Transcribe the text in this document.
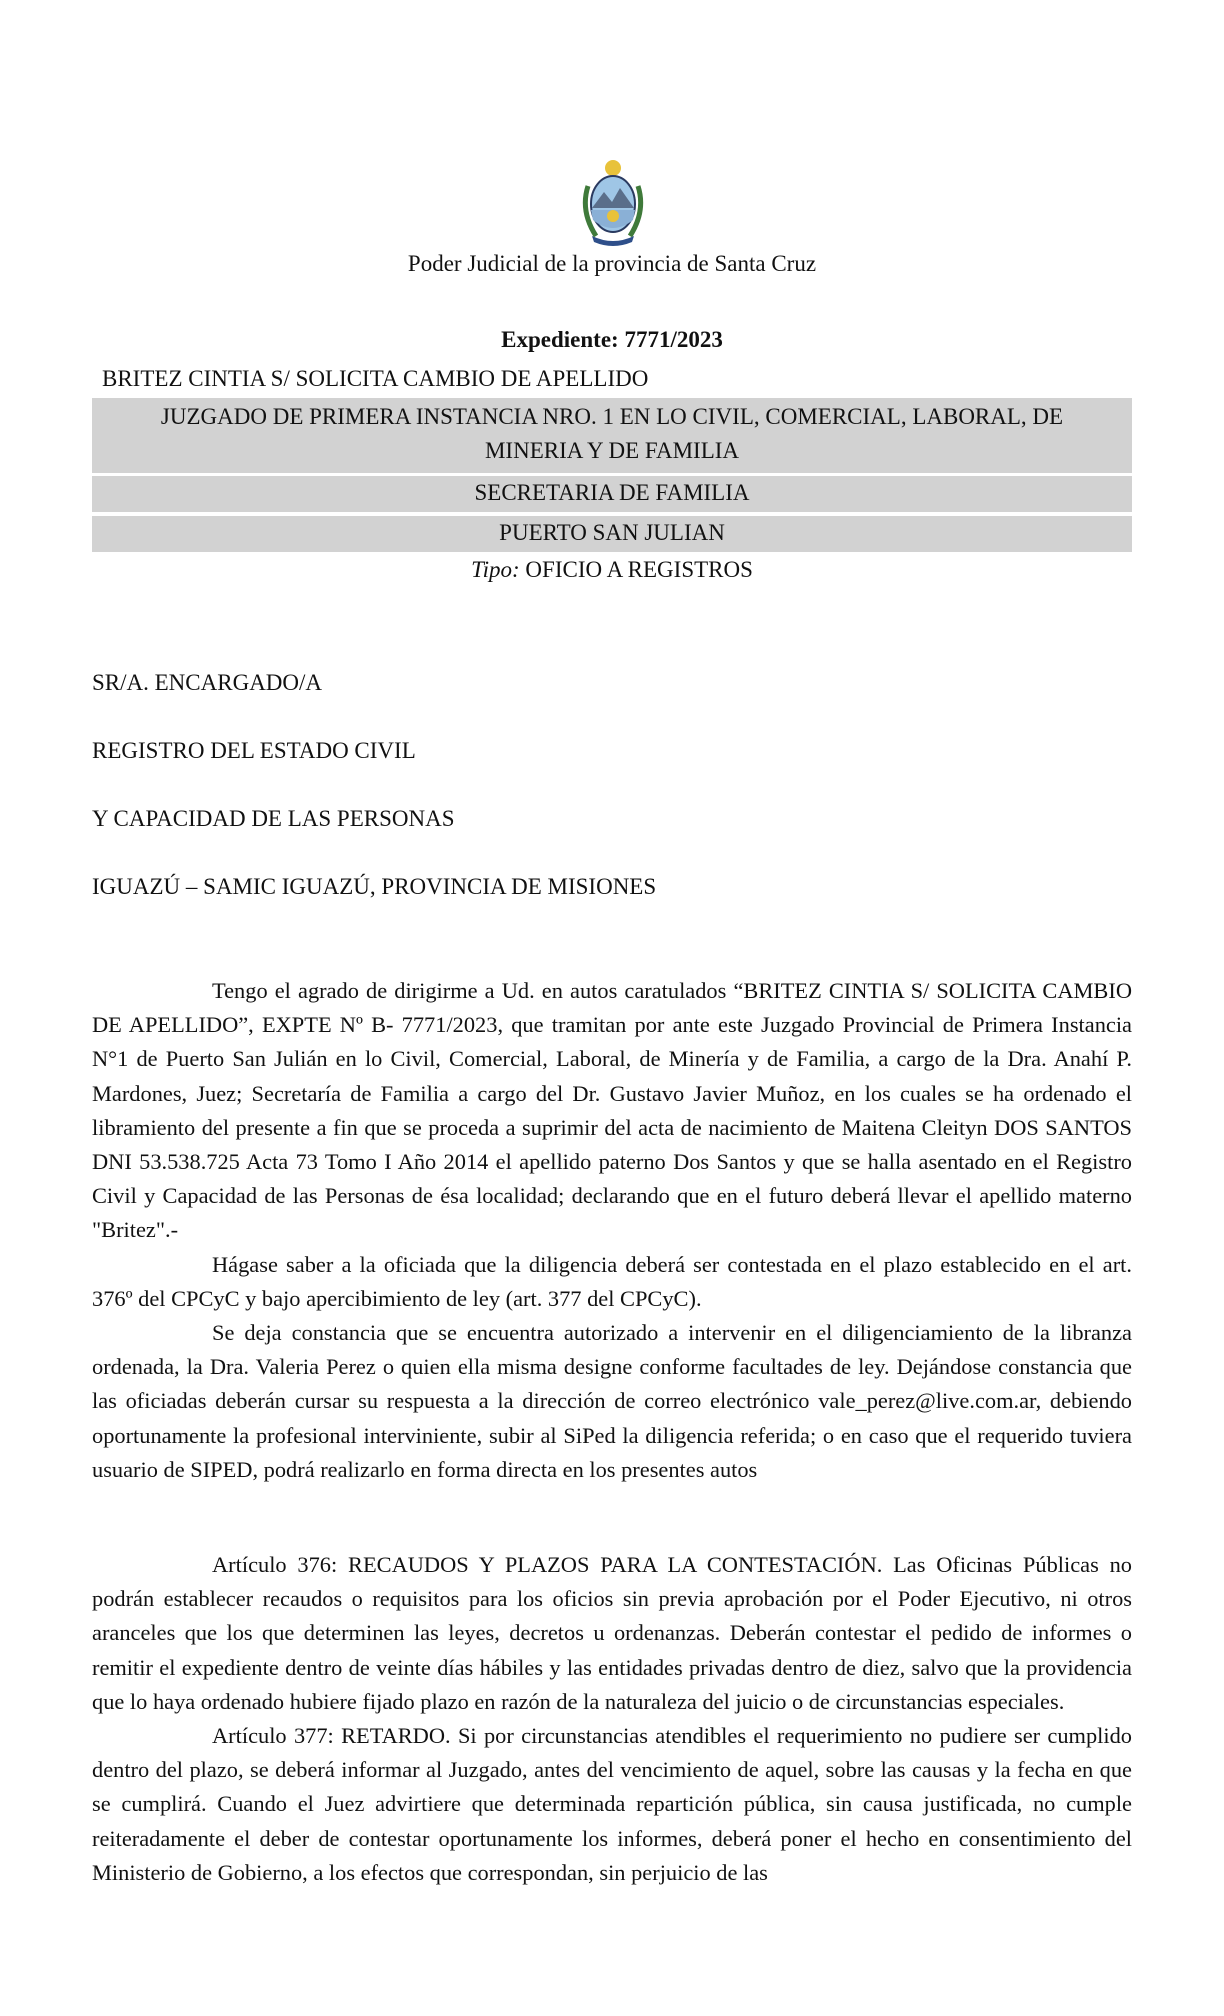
Poder Judicial de la provincia de Santa Cruz
Expediente: 7771/2023
BRITEZ CINTIA S/ SOLICITA CAMBIO DE APELLIDO
JUZGADO DE PRIMERA INSTANCIA NRO. 1 EN LO CIVIL, COMERCIAL, LABORAL, DE
MINERIA Y DE FAMILIA
SECRETARIA DE FAMILIA
PUERTO SAN JULIAN
Tipo: OFICIO A REGISTROS
SR/A. ENCARGADO/A
REGISTRO DEL ESTADO CIVIL
Y CAPACIDAD DE LAS PERSONAS
IGUAZÚ – SAMIC IGUAZÚ, PROVINCIA DE MISIONES

Tengo el agrado de dirigirme a Ud. en autos caratulados “BRITEZ CINTIA S/ SOLICITA CAMBIO DE APELLIDO”, EXPTE Nº B- 7771/2023, que tramitan por ante este Juzgado Provincial de Primera Instancia N°1 de Puerto San Julián en lo Civil, Comercial, Laboral, de Minería y de Familia, a cargo de la Dra. Anahí P. Mardones, Juez; Secretaría de Familia a cargo del Dr. Gustavo Javier Muñoz, en los cuales se ha ordenado el libramiento del presente a fin que se proceda a suprimir del acta de nacimiento de Maitena Cleityn DOS SANTOS DNI 53.538.725 Acta 73 Tomo I Año 2014 el apellido paterno Dos Santos y que se halla asentado en el Registro Civil y Capacidad de las Personas de ésa localidad; declarando que en el futuro deberá llevar el apellido materno "Britez".-

Hágase saber a la oficiada que la diligencia deberá ser contestada en el plazo establecido en el art. 376º del CPCyC y bajo apercibimiento de ley (art. 377 del CPCyC).

Se deja constancia que se encuentra autorizado a intervenir en el diligenciamiento de la libranza ordenada, la Dra. Valeria Perez o quien ella misma designe conforme facultades de ley. Dejándose constancia que las oficiadas deberán cursar su respuesta a la dirección de correo electrónico vale_perez@live.com.ar, debiendo oportunamente la profesional interviniente, subir al SiPed la diligencia referida; o en caso que el requerido tuviera usuario de SIPED, podrá realizarlo en forma directa en los presentes autos

Artículo 376: RECAUDOS Y PLAZOS PARA LA CONTESTACIÓN. Las Oficinas Públicas no podrán establecer recaudos o requisitos para los oficios sin previa aprobación por el Poder Ejecutivo, ni otros aranceles que los que determinen las leyes, decretos u ordenanzas. Deberán contestar el pedido de informes o remitir el expediente dentro de veinte días hábiles y las entidades privadas dentro de diez, salvo que la providencia que lo haya ordenado hubiere fijado plazo en razón de la naturaleza del juicio o de circunstancias especiales.

Artículo 377: RETARDO. Si por circunstancias atendibles el requerimiento no pudiere ser cumplido dentro del plazo, se deberá informar al Juzgado, antes del vencimiento de aquel, sobre las causas y la fecha en que se cumplirá. Cuando el Juez advirtiere que determinada repartición pública, sin causa justificada, no cumple reiteradamente el deber de contestar oportunamente los informes, deberá poner el hecho en consentimiento del Ministerio de Gobierno, a los efectos que correspondan, sin perjuicio de las
